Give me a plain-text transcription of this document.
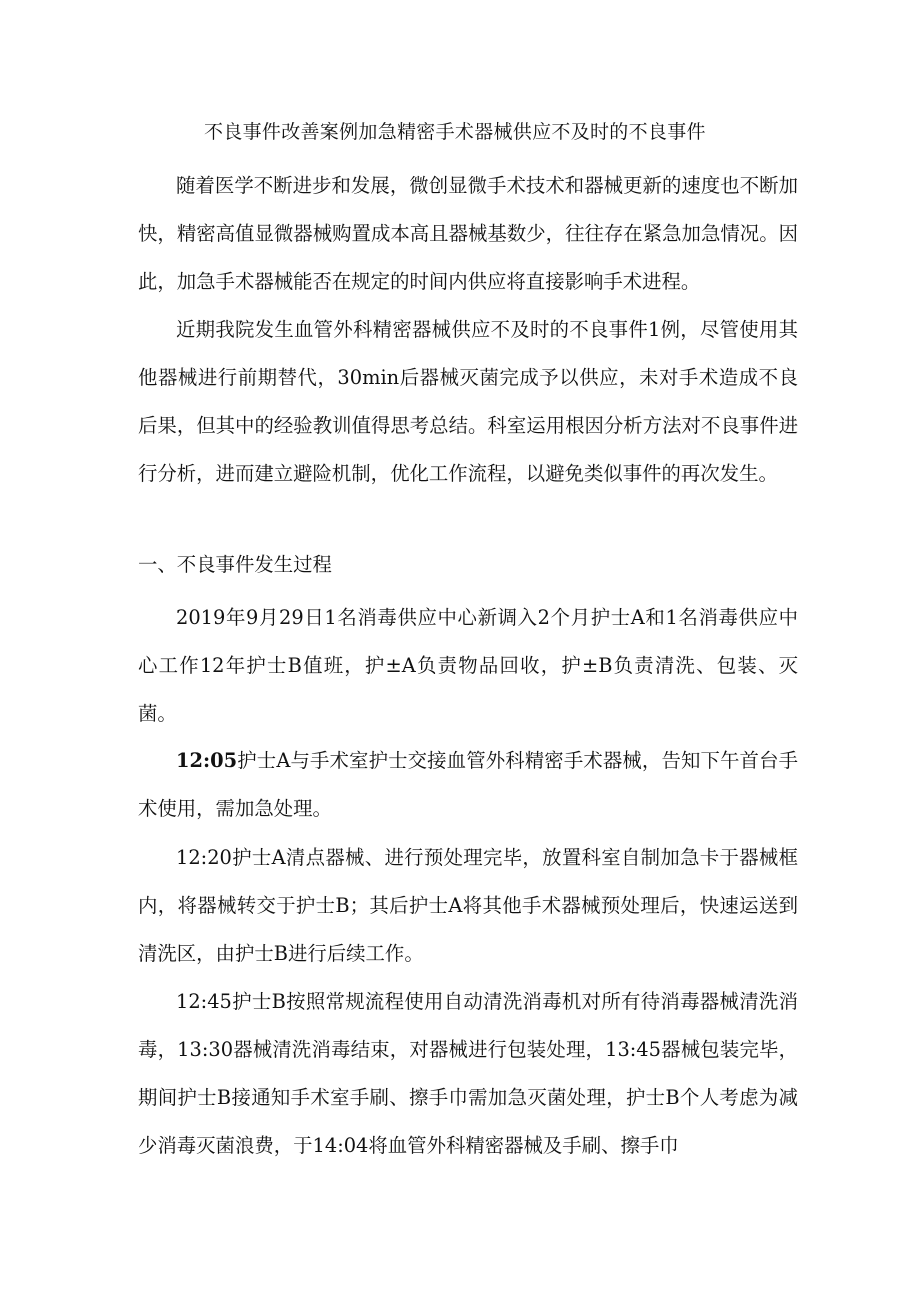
不良事件改善案例加急精密手术器械供应不及时的不良事件

随着医学不断进步和发展，微创显微手术技术和器械更新的速度也不断加快，精密高值显微器械购置成本高且器械基数少，往往存在紧急加急情况。因此，加急手术器械能否在规定的时间内供应将直接影响手术进程。

近期我院发生血管外科精密器械供应不及时的不良事件1例，尽管使用其他器械进行前期替代，30min后器械灭菌完成予以供应，未对手术造成不良后果，但其中的经验教训值得思考总结。科室运用根因分析方法对不良事件进行分析，进而建立避险机制，优化工作流程，以避免类似事件的再次发生。

一、不良事件发生过程

2019年9月29日1名消毒供应中心新调入2个月护士A和1名消毒供应中心工作12年护士B值班，护±A负责物品回收，护±B负责清洗、包装、灭菌。

12:05护士A与手术室护士交接血管外科精密手术器械，告知下午首台手术使用，需加急处理。

12:20护士A清点器械、进行预处理完毕，放置科室自制加急卡于器械框内，将器械转交于护士B；其后护士A将其他手术器械预处理后，快速运送到清洗区，由护士B进行后续工作。

12:45护士B按照常规流程使用自动清洗消毒机对所有待消毒器械清洗消毒，13:30器械清洗消毒结束，对器械进行包装处理，13:45器械包装完毕，期间护士B接通知手术室手刷、擦手巾需加急灭菌处理，护士B个人考虑为减少消毒灭菌浪费，于14:04将血管外科精密器械及手刷、擦手巾
